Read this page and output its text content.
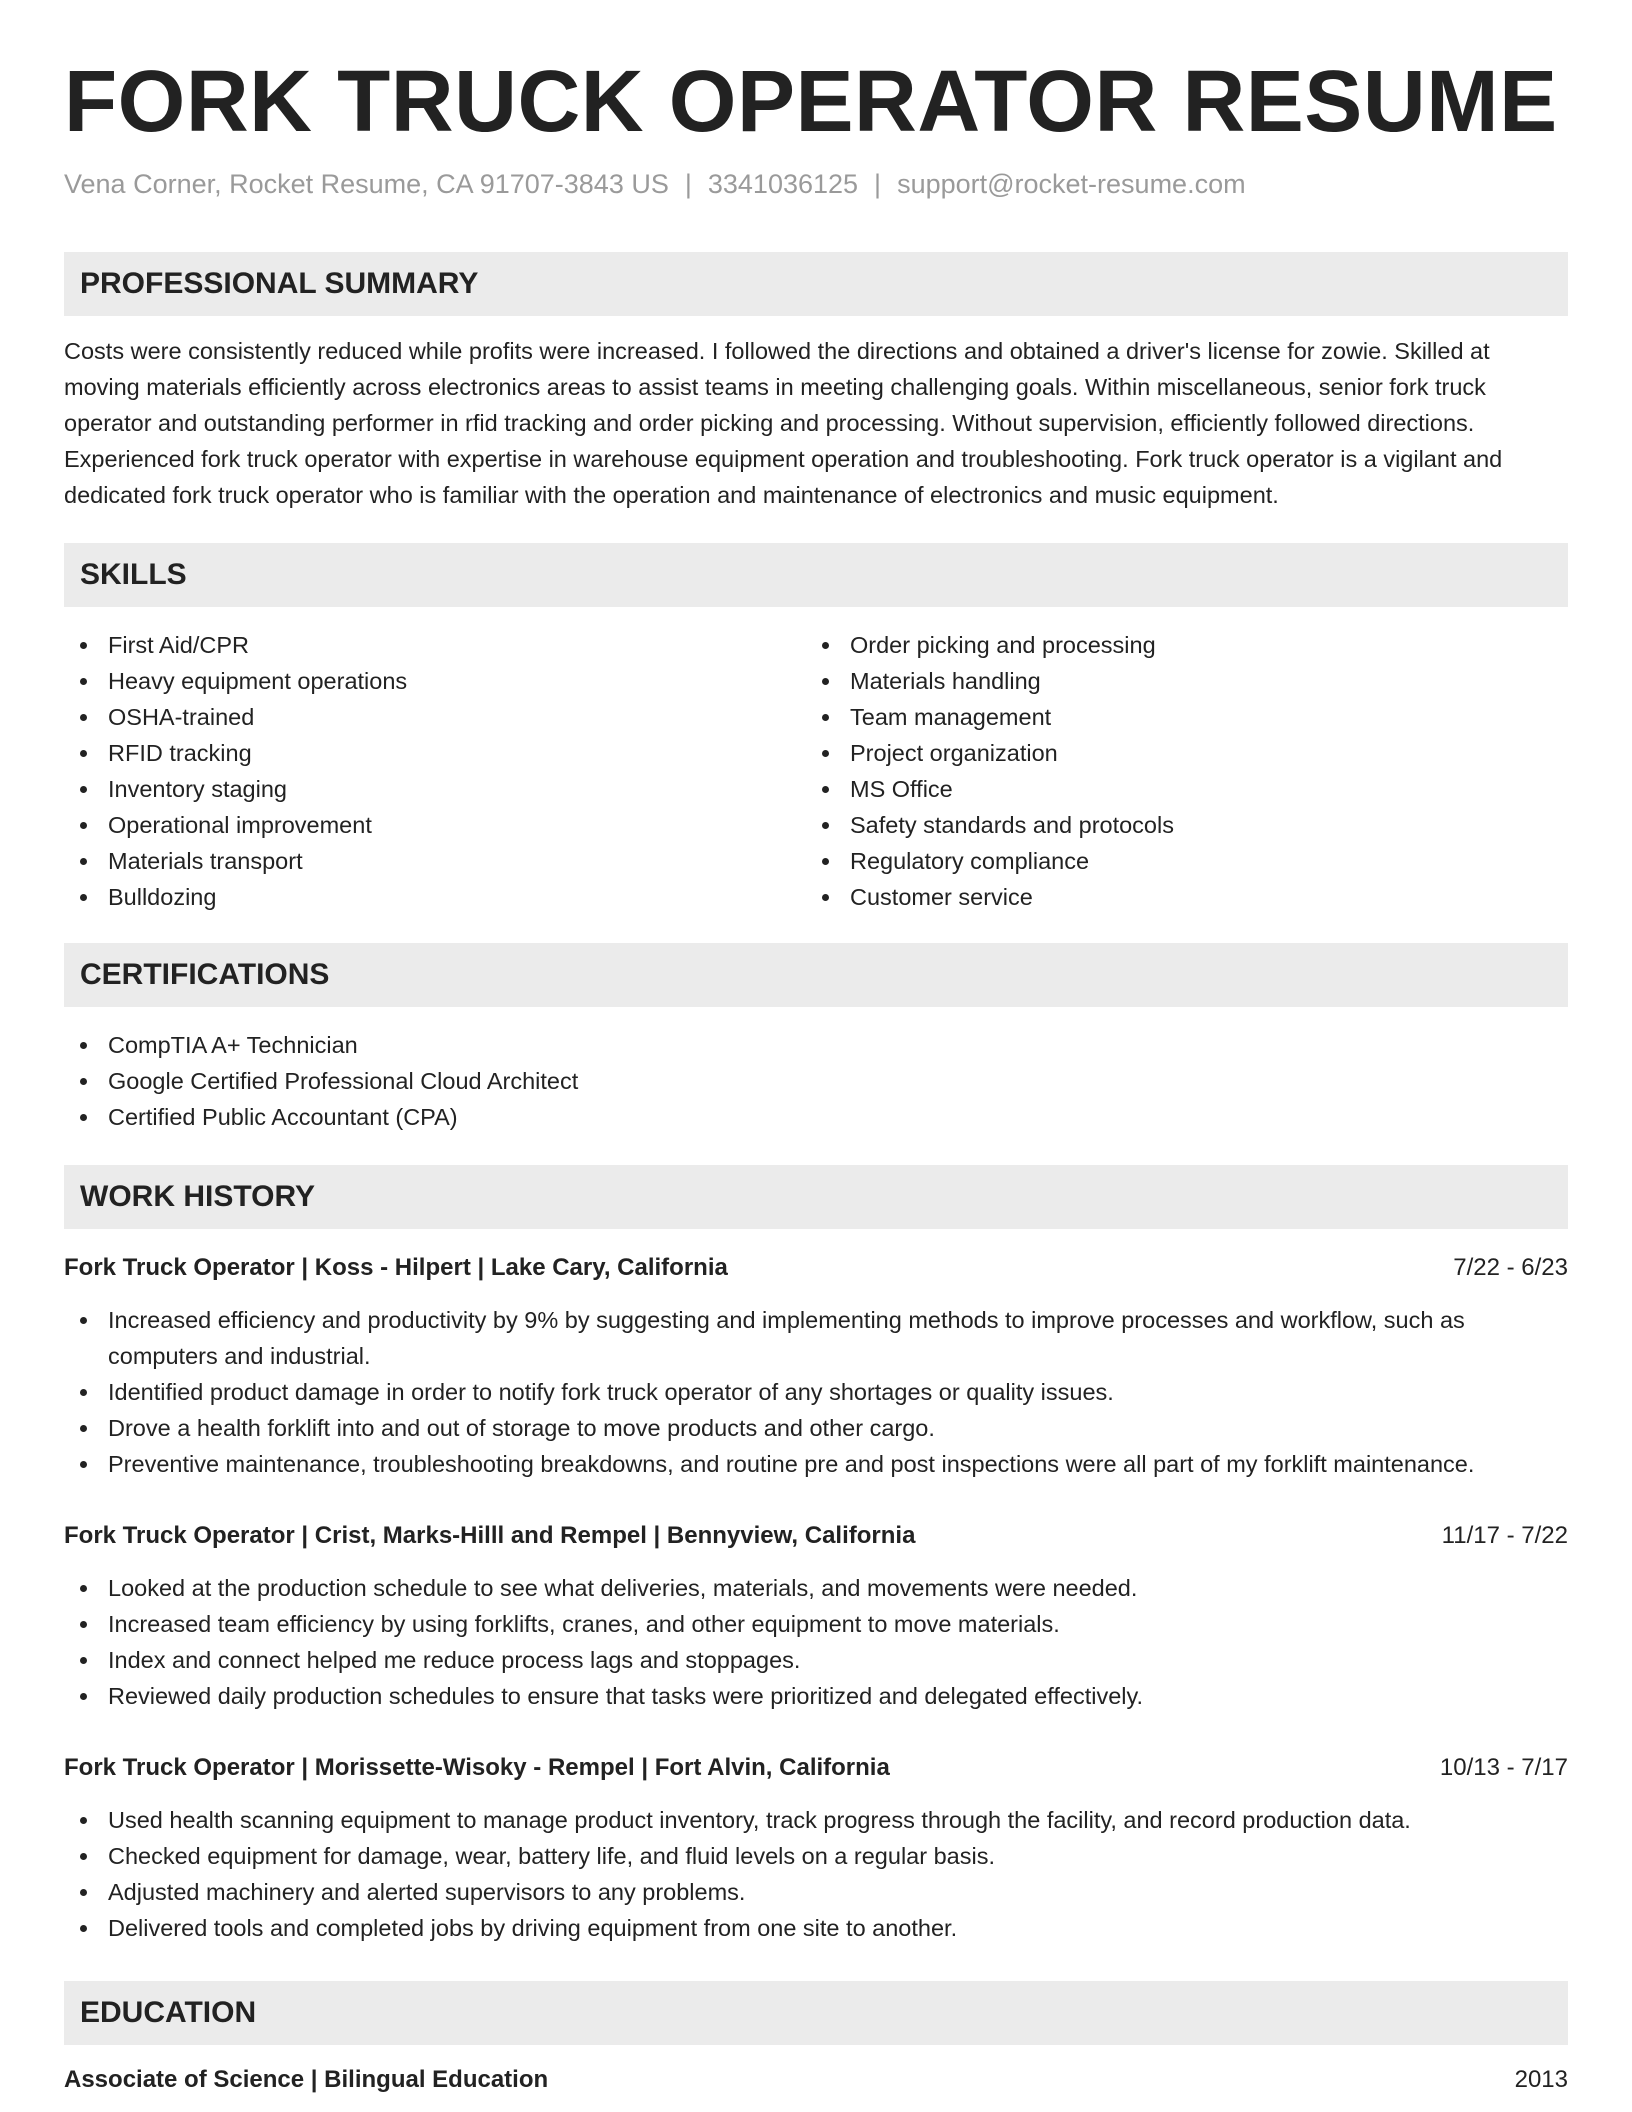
FORK TRUCK OPERATOR RESUME
Vena Corner, Rocket Resume, CA 91707-3843 US | 3341036125 | support@rocket-resume.com
PROFESSIONAL SUMMARY

Costs were consistently reduced while profits were increased. I followed the directions and obtained a driver's license for zowie. Skilled at moving materials efficiently across electronics areas to assist teams in meeting challenging goals. Within miscellaneous, senior fork truck operator and outstanding performer in rfid tracking and order picking and processing. Without supervision, efficiently followed directions. Experienced fork truck operator with expertise in warehouse equipment operation and troubleshooting. Fork truck operator is a vigilant and dedicated fork truck operator who is familiar with the operation and maintenance of electronics and music equipment.

SKILLS
First Aid/CPR
Heavy equipment operations
OSHA-trained
RFID tracking
Inventory staging
Operational improvement
Materials transport
Bulldozing
Order picking and processing
Materials handling
Team management
Project organization
MS Office
Safety standards and protocols
Regulatory compliance
Customer service
CERTIFICATIONS
CompTIA A+ Technician
Google Certified Professional Cloud Architect
Certified Public Accountant (CPA)
WORK HISTORY
Fork Truck Operator | Koss - Hilpert | Lake Cary, California	7/22 - 6/23
Increased efficiency and productivity by 9% by suggesting and implementing methods to improve processes and workflow, such as computers and industrial.
Identified product damage in order to notify fork truck operator of any shortages or quality issues.
Drove a health forklift into and out of storage to move products and other cargo.
Preventive maintenance, troubleshooting breakdowns, and routine pre and post inspections were all part of my forklift maintenance.
Fork Truck Operator | Crist, Marks-Hilll and Rempel | Bennyview, California	11/17 - 7/22
Looked at the production schedule to see what deliveries, materials, and movements were needed.
Increased team efficiency by using forklifts, cranes, and other equipment to move materials.
Index and connect helped me reduce process lags and stoppages.
Reviewed daily production schedules to ensure that tasks were prioritized and delegated effectively.
Fork Truck Operator | Morissette-Wisoky - Rempel | Fort Alvin, California	10/13 - 7/17
Used health scanning equipment to manage product inventory, track progress through the facility, and record production data.
Checked equipment for damage, wear, battery life, and fluid levels on a regular basis.
Adjusted machinery and alerted supervisors to any problems.
Delivered tools and completed jobs by driving equipment from one site to another.
EDUCATION
Associate of Science | Bilingual Education	2013
